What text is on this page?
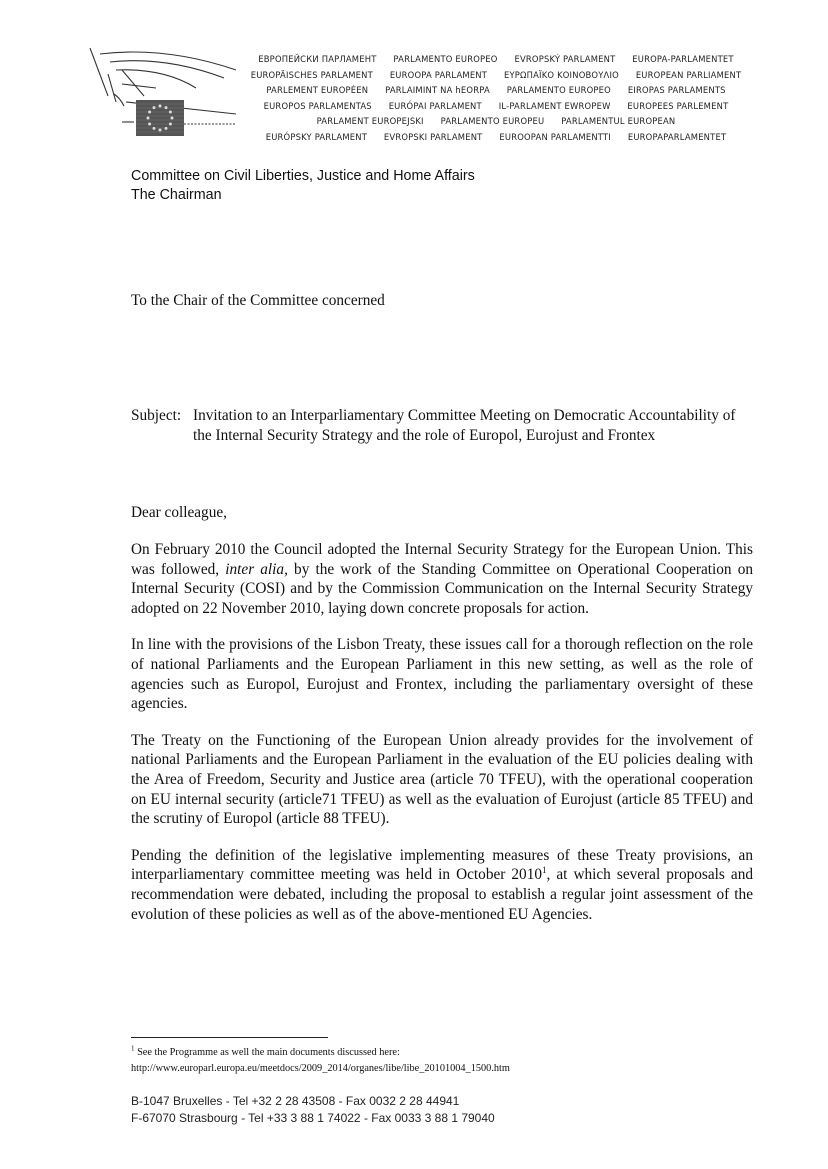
ЕВРОПЕЙСКИ ПАРЛАМЕНТ PARLAMENTO EUROPEO EVROPSKÝ PARLAMENT EUROPA-PARLAMENTET
EUROPÄISCHES PARLAMENT EUROOPA PARLAMENT ΕΥΡΩΠΑΪΚΟ ΚΟΙΝΟΒΟΥΛΙΟ EUROPEAN PARLIAMENT
PARLEMENT EUROPÉEN PARLAIMINT NA hEORPA PARLAMENTO EUROPEO EIROPAS PARLAMENTS
EUROPOS PARLAMENTAS EURÓPAI PARLAMENT IL-PARLAMENT EWROPEW EUROPEES PARLEMENT
PARLAMENT EUROPEJSKI PARLAMENTO EUROPEU PARLAMENTUL EUROPEAN
EURÓPSKY PARLAMENT EVROPSKI PARLAMENT EUROOPAN PARLAMENTTI EUROPAPARLAMENTET
Committee on Civil Liberties, Justice and Home Affairs
The Chairman
To the Chair of the Committee concerned
Subject: Invitation to an Interparliamentary Committee Meeting on Democratic Accountability of the Internal Security Strategy and the role of Europol, Eurojust and Frontex
Dear colleague,

On February 2010 the Council adopted the Internal Security Strategy for the European Union. This was followed, inter alia, by the work of the Standing Committee on Operational Cooperation on Internal Security (COSI) and by the Commission Communication on the Internal Security Strategy adopted on 22 November 2010, laying down concrete proposals for action.

In line with the provisions of the Lisbon Treaty, these issues call for a thorough reflection on the role of national Parliaments and the European Parliament in this new setting, as well as the role of agencies such as Europol, Eurojust and Frontex, including the parliamentary oversight of these agencies.

The Treaty on the Functioning of the European Union already provides for the involvement of national Parliaments and the European Parliament in the evaluation of the EU policies dealing with the Area of Freedom, Security and Justice area (article 70 TFEU), with the operational cooperation on EU internal security (article71 TFEU) as well as the evaluation of Eurojust (article 85 TFEU) and the scrutiny of Europol (article 88 TFEU).

Pending the definition of the legislative implementing measures of these Treaty provisions, an interparliamentary committee meeting was held in October 2010$^1$, at which several proposals and recommendation were debated, including the proposal to establish a regular joint assessment of the evolution of these policies as well as of the above-mentioned EU Agencies.

$^1$ See the Programme as well the main documents discussed here:
http://www.europarl.europa.eu/meetdocs/2009_2014/organes/libe/libe_20101004_1500.htm
B-1047 Bruxelles - Tel +32 2 28 43508 - Fax 0032 2 28 44941
F-67070 Strasbourg - Tel +33 3 88 1 74022 - Fax 0033 3 88 1 79040
